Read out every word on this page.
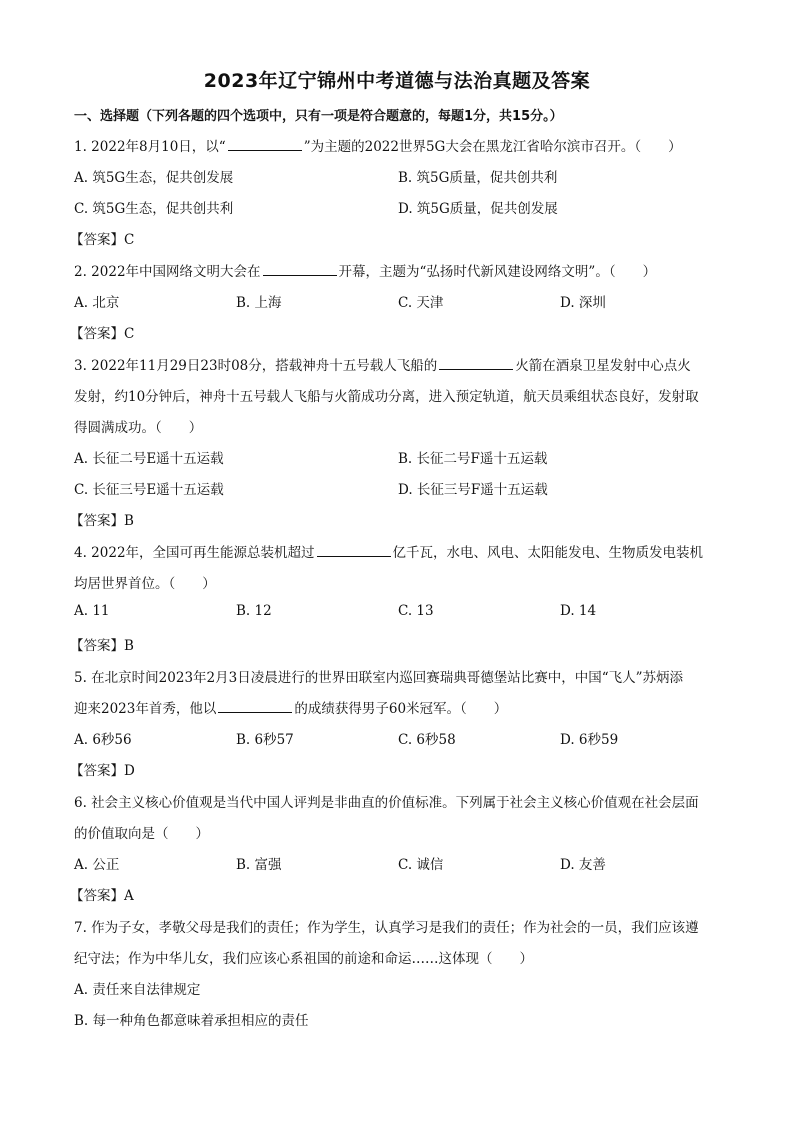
2023年辽宁锦州中考道德与法治真题及答案
一、选择题（下列各题的四个选项中，只有一项是符合题意的，每题1分，共15分。）
1. 2022年8月10日，以“	”为主题的2022世界5G大会在黑龙江省哈尔滨市召开。（　　）
A. 筑5G生态，促共创发展	B. 筑5G质量，促共创共利
C. 筑5G生态，促共创共利	D. 筑5G质量，促共创发展
【答案】C
2. 2022年中国网络文明大会在	开幕，主题为“弘扬时代新风建设网络文明”。（　　）
A. 北京	B. 上海	C. 天津	D. 深圳
【答案】C
3. 2022年11月29日23时08分，搭载神舟十五号载人飞船的	火箭在酒泉卫星发射中心点火
发射，约10分钟后，神舟十五号载人飞船与火箭成功分离，进入预定轨道，航天员乘组状态良好，发射取
得圆满成功。（　　）
A. 长征二号E遥十五运载	B. 长征二号F遥十五运载
C. 长征三号E遥十五运载	D. 长征三号F遥十五运载
【答案】B
4. 2022年，全国可再生能源总装机超过	亿千瓦，水电、风电、太阳能发电、生物质发电装机
均居世界首位。（　　）
A. 11	B. 12	C. 13	D. 14
【答案】B
5. 在北京时间2023年2月3日凌晨进行的世界田联室内巡回赛瑞典哥德堡站比赛中，中国“飞人”苏炳添
迎来2023年首秀，他以	的成绩获得男子60米冠军。（　　）
A. 6秒56	B. 6秒57	C. 6秒58	D. 6秒59
【答案】D
6. 社会主义核心价值观是当代中国人评判是非曲直的价值标准。下列属于社会主义核心价值观在社会层面
的价值取向是（　　）
A. 公正	B. 富强	C. 诚信	D. 友善
【答案】A
7. 作为子女，孝敬父母是我们的责任；作为学生，认真学习是我们的责任；作为社会的一员，我们应该遵
纪守法；作为中华儿女，我们应该心系祖国的前途和命运……这体现（　　）
A. 责任来自法律规定
B. 每一种角色都意味着承担相应的责任
